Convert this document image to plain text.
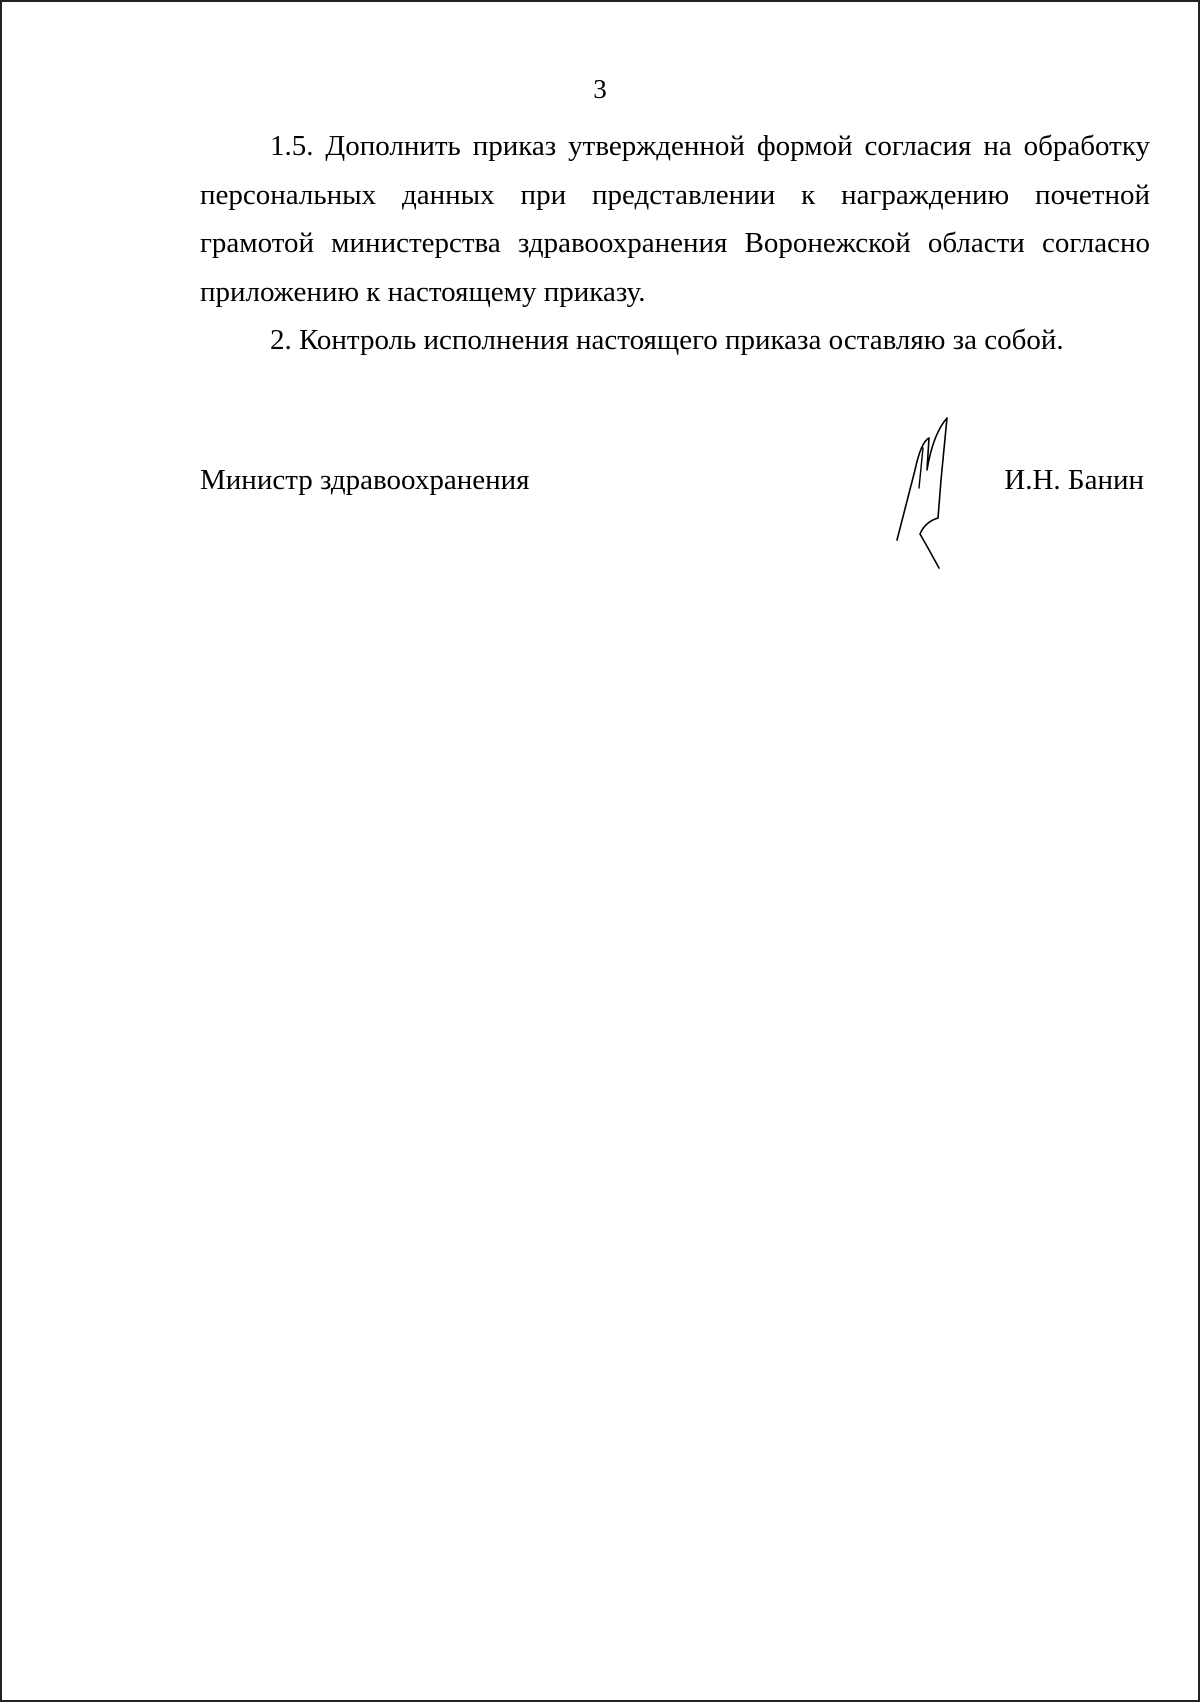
3

1.5. Дополнить приказ утвержденной формой согласия на обработку персональных данных при представлении к награждению почетной грамотой министерства здравоохранения Воронежской области согласно приложению к настоящему приказу.

2. Контроль исполнения настоящего приказа оставляю за собой.

Министр здравоохранения	И.Н. Банин
